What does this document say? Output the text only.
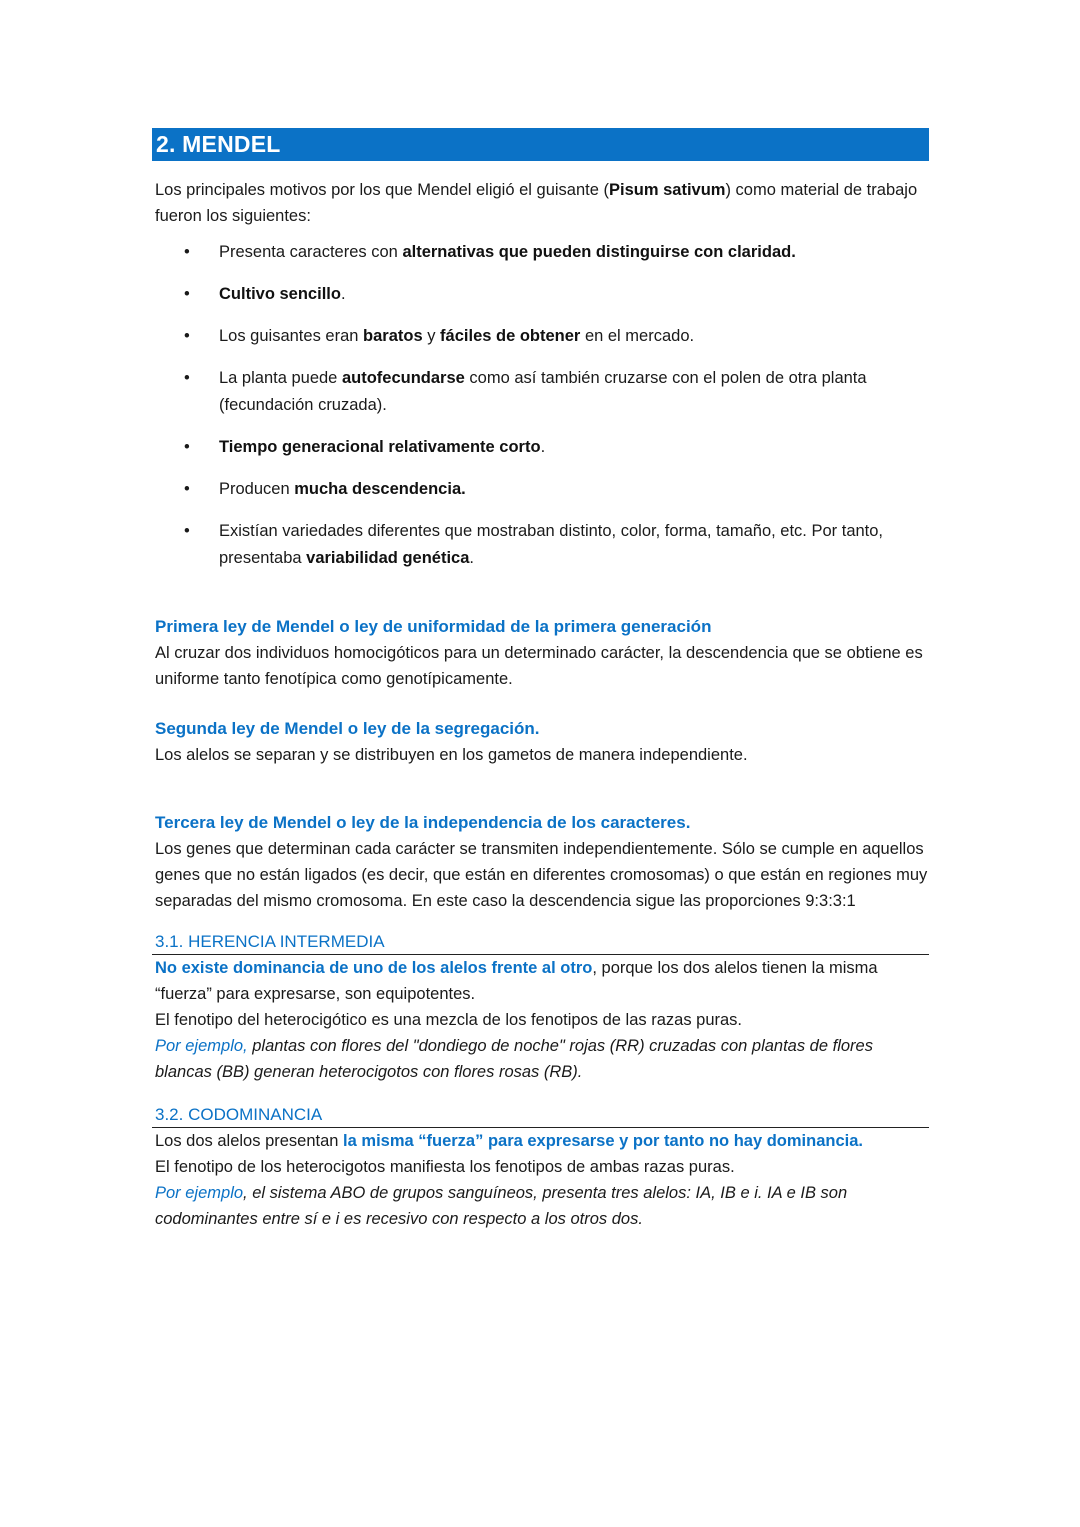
2. MENDEL

Los principales motivos por los que Mendel eligió el guisante (Pisum sativum) como material de trabajo fueron los siguientes:

• Presenta caracteres con alternativas que pueden distinguirse con claridad.
• Cultivo sencillo.
• Los guisantes eran baratos y fáciles de obtener en el mercado.
• La planta puede autofecundarse como así también cruzarse con el polen de otra planta (fecundación cruzada).
• Tiempo generacional relativamente corto.
• Producen mucha descendencia.
• Existían variedades diferentes que mostraban distinto, color, forma, tamaño, etc. Por tanto, presentaba variabilidad genética.
Primera ley de Mendel o ley de uniformidad de la primera generación

Al cruzar dos individuos homocigóticos para un determinado carácter, la descendencia que se obtiene es uniforme tanto fenotípica como genotípicamente.

Segunda ley de Mendel o ley de la segregación.

Los alelos se separan y se distribuyen en los gametos de manera independiente.

Tercera ley de Mendel o ley de la independencia de los caracteres.

Los genes que determinan cada carácter se transmiten independientemente. Sólo se cumple en aquellos genes que no están ligados (es decir, que están en diferentes cromosomas) o que están en regiones muy separadas del mismo cromosoma. En este caso la descendencia sigue las proporciones 9:3:3:1

3.1. HERENCIA INTERMEDIA

No existe dominancia de uno de los alelos frente al otro, porque los dos alelos tienen la misma “fuerza” para expresarse, son equipotentes.

El fenotipo del heterocigótico es una mezcla de los fenotipos de las razas puras.

Por ejemplo, plantas con flores del "dondiego de noche" rojas (RR) cruzadas con plantas de flores blancas (BB) generan heterocigotos con flores rosas (RB).

3.2. CODOMINANCIA

Los dos alelos presentan la misma “fuerza” para expresarse y por tanto no hay dominancia.

El fenotipo de los heterocigotos manifiesta los fenotipos de ambas razas puras.

Por ejemplo, el sistema ABO de grupos sanguíneos, presenta tres alelos: IA, IB e i. IA e IB son codominantes entre sí e i es recesivo con respecto a los otros dos.
